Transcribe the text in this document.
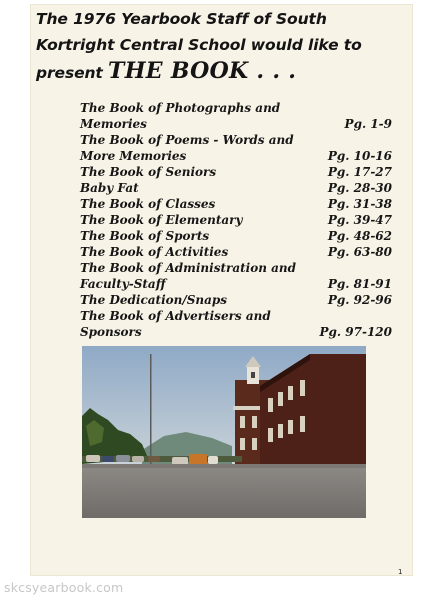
The 1976 Yearbook Staff of South
Kortright Central School would like to
present THE BOOK . . .
The Book of Photographs and Memories	Pg. 1-9
The Book of Poems - Words and More Memories	Pg. 10-16
The Book of Seniors	Pg. 17-27
Baby Fat	Pg. 28-30
The Book of Classes	Pg. 31-38
The Book of Elementary	Pg. 39-47
The Book of Sports	Pg. 48-62
The Book of Activities	Pg. 63-80
The Book of Administration and Faculty-Staff	Pg. 81-91
The Dedication/Snaps	Pg. 92-96
The Book of Advertisers and Sponsors	Pg. 97-120
1
skcsyearbook.com
